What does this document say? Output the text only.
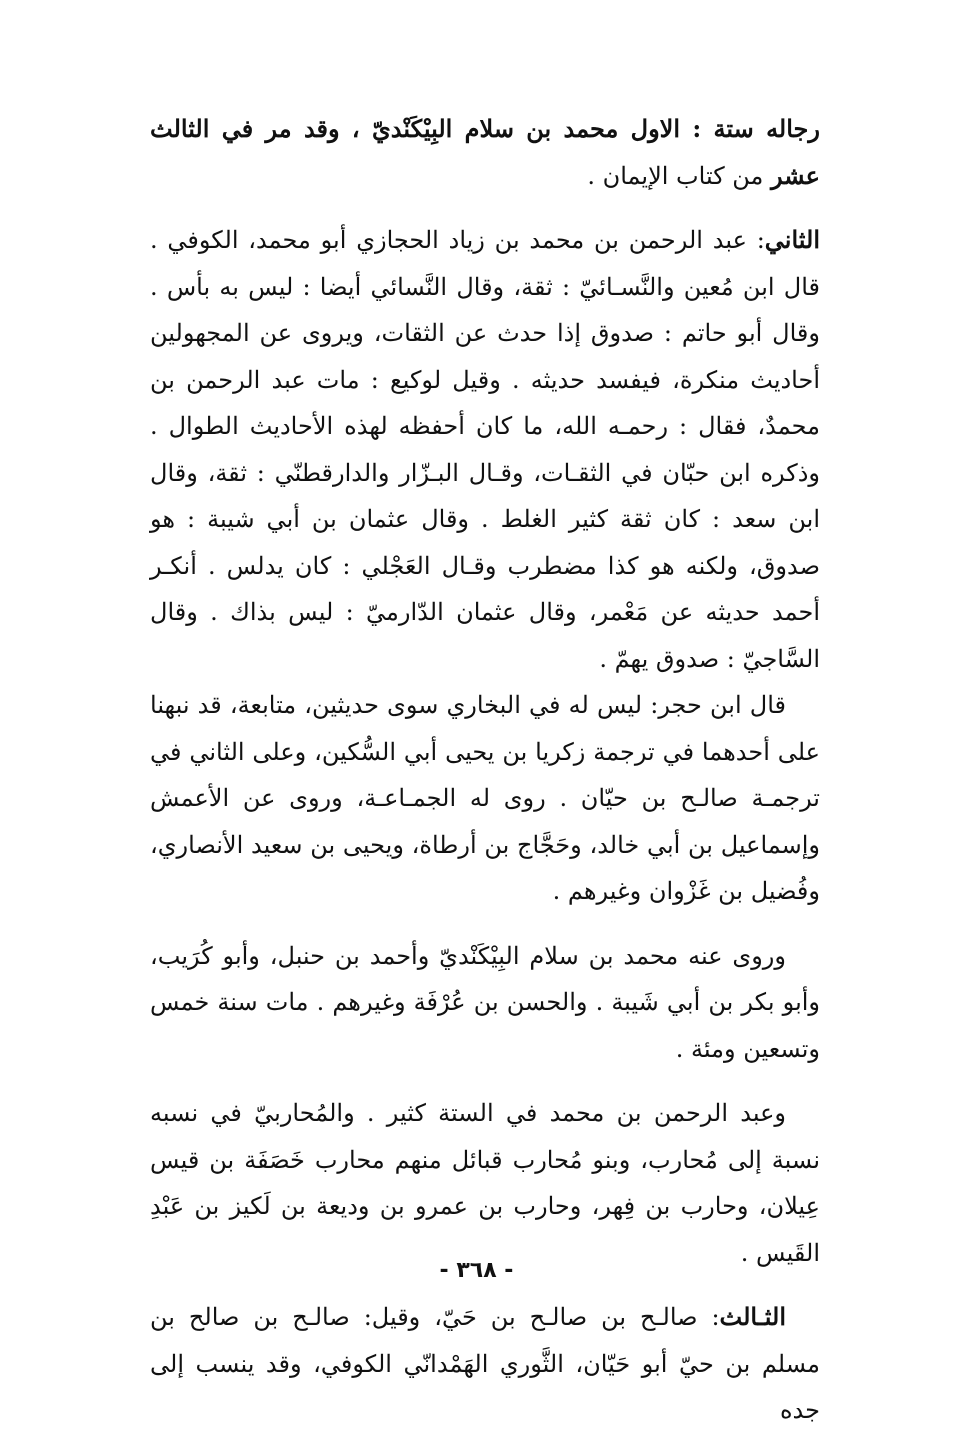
رجاله ستة : الاول محمد بن سلام البِيْكَنْديّ ، وقد مر في الثالث عشر من كتاب الإيمان .

الثاني: عبد الرحمن بن محمد بن زياد الحجازي أبو محمد، الكوفي . قال ابن مُعين والنَّسـائيّ : ثقة، وقال النَّسائي أيضا : ليس به بأس . وقال أبو حاتم : صدوق إذا حدث عن الثقات، ويروى عن المجهولين أحاديث منكرة، فيفسد حديثه . وقيل لوكيع : مات عبد الرحمن بن محمدٌ، فقال : رحمـه الله، ما كان أحفظه لهذه الأحاديث الطوال . وذكره ابن حبّان في الثقـات، وقـال البـزّار والدارقطنّي : ثقة، وقال ابن سعد : كان ثقة كثير الغلط . وقال عثمان بن أبي شيبة : هو صدوق، ولكنه هو كذا مضطرب وقـال العَجْلي : كان يدلس . أنكـر أحمد حديثه عن مَعْمر، وقال عثمان الدّارميّ : ليس بذاك . وقال السَّاجيّ : صدوق يهمّ .

قال ابن حجر: ليس له في البخاري سوى حديثين، متابعة، قد نبهنا على أحدهما في ترجمة زكريا بن يحيى أبي السُّكين، وعلى الثاني في ترجمـة صالـح بن حيّان . روى له الجمـاعـة، وروى عن الأعمش وإسماعيل بن أبي خالد، وحَجَّاج بن أرطاة، ويحيى بن سعيد الأنصاري، وفُضيل بن غَزْوان وغيرهم .

وروى عنه محمد بن سلام البِيْكَنْديّ وأحمد بن حنبل، وأبو كُرَيب، وأبو بكر بن أبي شَيبة . والحسن بن عُرْفَة وغيرهم . مات سنة خمس وتسعين ومئة .

وعبد الرحمن بن محمد في الستة كثير . والمُحاربيّ في نسبه نسبة إلى مُحارب، وبنو مُحارب قبائل منهم محارب خَصَفَة بن قيس عِيلان، وحارب بن فِهر، وحارب بن عمرو بن وديعة بن لَكيز بن عَبْدِ القَيس .

الثـالث: صالـح بن صالـح بن حَيّ، وقيل: صالـح بن صالح بن مسلم بن حيّ أبو حَيّان، الثَّوري الهَمْدانّي الكوفي، وقد ينسب إلى جده

- ٣٦٨ -
